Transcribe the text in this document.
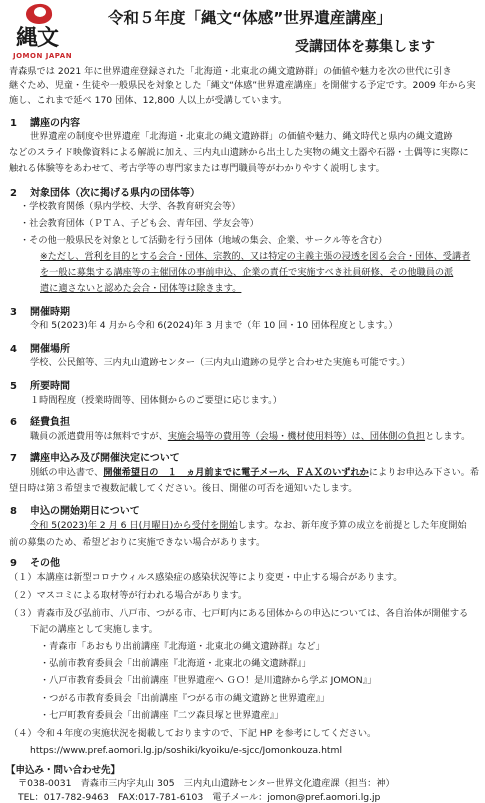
縄文
JOMON JAPAN
令和５年度「縄文“体感”世界遺産講座」
受講団体を募集します
青森県では 2021 年に世界遺産登録された「北海道・北東北の縄文遺跡群」の価値や魅力を次の世代に引き
継ぐため、児童・生徒や一般県民を対象とした「縄文“体感”世界遺産講座」を開催する予定です。2009 年から実
施し、これまで延べ 170 団体、12,800 人以上が受講しています。
1 講座の内容
世界遺産の制度や世界遺産「北海道・北東北の縄文遺跡群」の価値や魅力、縄文時代と県内の縄文遺跡
などのスライド映像資料による解説に加え、三内丸山遺跡から出土した実物の縄文土器や石器・土偶等に実際に
触れる体験等をあわせて、考古学等の専門家または専門職員等がわかりやすく説明します。
2 対象団体（次に掲げる県内の団体等）
・学校教育関係（県内学校、大学、各教育研究会等）
・社会教育団体（ＰＴＡ、子ども会、青年団、学友会等）
・その他一般県民を対象として活動を行う団体（地域の集会、企業、サークル等を含む）
※ただし、営利を目的とする会合・団体、宗教的、又は特定の主義主張の浸透を図る会合・団体、受講者
を一般に募集する講座等の主催団体の事前申込、企業の責任で実施すべき社員研修、その他職員の派
遣に適さないと認めた会合・団体等は除きます。
3 開催時期
令和 5(2023)年 4 月から令和 6(2024)年 3 月まで（年 10 回・10 団体程度とします。）
4 開催場所
学校、公民館等、三内丸山遺跡センター（三内丸山遺跡の見学と合わせた実施も可能です。）
5 所要時間
１時間程度（授業時間等、団体側からのご要望に応じます。）
6 経費負担
職員の派遣費用等は無料ですが、実施会場等の費用等（会場・機材使用料等）は、団体側の負担とします。
7 講座申込み及び開催決定について
別紙の申込書で、開催希望日の　１　ヵ月前までに電子メール、ＦＡＸのいずれかによりお申込み下さい。希
望日時は第３希望まで複数記載してください。後日、開催の可否を通知いたします。
8 申込の開始期日について
令和 5(2023)年 2 月 6 日(月曜日)から受付を開始します。なお、新年度予算の成立を前提とした年度開始
前の募集のため、希望どおりに実施できない場合があります。
9 その他
（１）本講座は新型コロナウィルス感染症の感染状況等により変更・中止する場合があります。
（２）マスコミによる取材等が行われる場合があります。
（３）青森市及び弘前市、八戸市、つがる市、七戸町内にある団体からの申込については、各自治体が開催する
下記の講座として実施します。
・青森市「あおもり出前講座『北海道・北東北の縄文遺跡群』など」
・弘前市教育委員会「出前講座『北海道・北東北の縄文遺跡群』」
・八戸市教育委員会「出前講座『世界遺産へ ＧＯ！是川遺跡から学ぶ JOMON』」
・つがる市教育委員会「出前講座『つがる市の縄文遺跡と世界遺産』」
・七戸町教育委員会「出前講座『二ツ森貝塚と世界遺産』」
（４）令和４年度の実施状況を掲載しておりますので、下記 HP を参考にしてください。
https://www.pref.aomori.lg.jp/soshiki/kyoiku/e-sjcc/Jomonkouza.html
【申込み・問い合わせ先】
〒038-0031　青森市三内字丸山 305　三内丸山遺跡センター世界文化遺産課（担当：神）
TEL：017-782-9463　FAX:017-781-6103　電子メール：jomon@pref.aomori.lg.jp
